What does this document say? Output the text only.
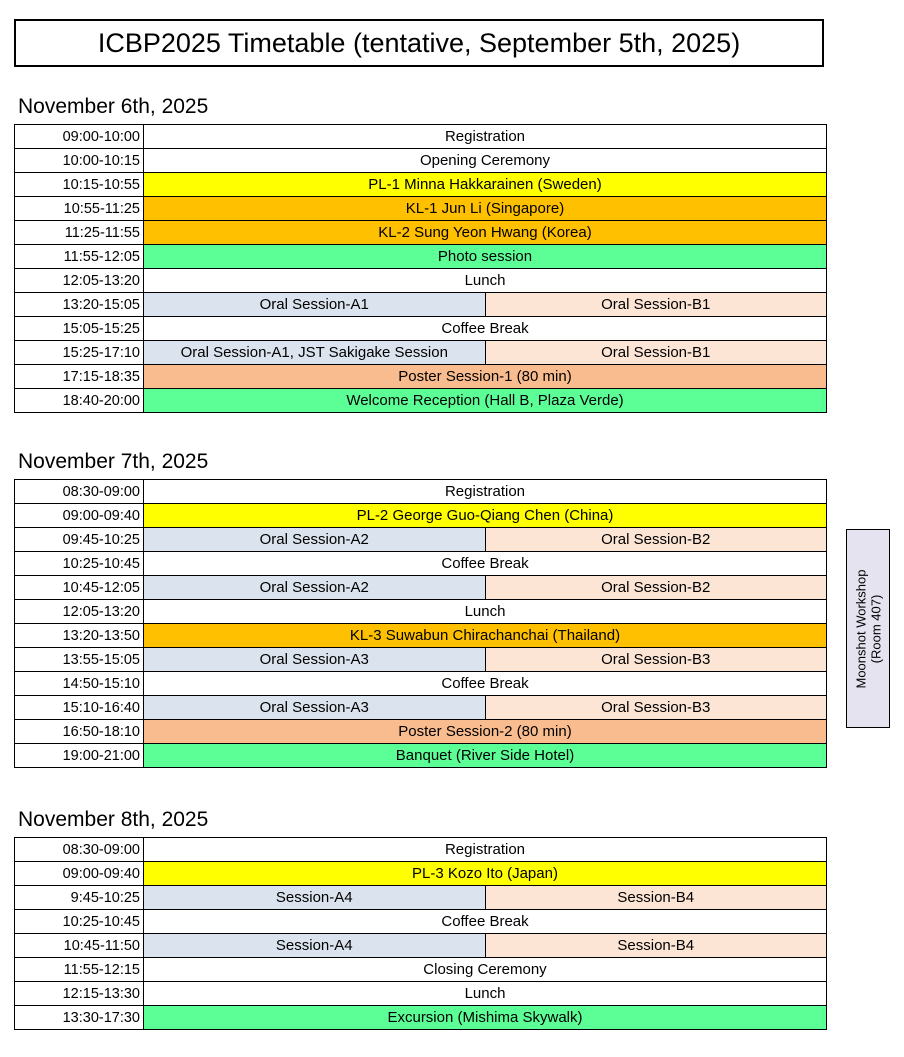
ICBP2025 Timetable (tentative, September 5th, 2025)
November 6th, 2025
09:00-10:00	Registration	
10:00-10:15	Opening Ceremony	
10:15-10:55	PL-1 Minna Hakkarainen (Sweden)	
10:55-11:25	KL-1 Jun Li (Singapore)	
11:25-11:55	KL-2 Sung Yeon Hwang (Korea)	
11:55-12:05	Photo session	
12:05-13:20	Lunch	
13:20-15:05	Oral Session-A1	Oral Session-B1
15:05-15:25	Coffee Break	
15:25-17:10	Oral Session-A1, JST Sakigake Session	Oral Session-B1
17:15-18:35	Poster Session-1 (80 min)	
18:40-20:00	Welcome Reception (Hall B, Plaza Verde)	
November 7th, 2025
08:30-09:00	Registration	
09:00-09:40	PL-2 George Guo-Qiang Chen (China)	
09:45-10:25	Oral Session-A2	Oral Session-B2
10:25-10:45	Coffee Break	
10:45-12:05	Oral Session-A2	Oral Session-B2
12:05-13:20	Lunch	
13:20-13:50	KL-3 Suwabun Chirachanchai (Thailand)	
13:55-15:05	Oral Session-A3	Oral Session-B3
14:50-15:10	Coffee Break	
15:10-16:40	Oral Session-A3	Oral Session-B3
16:50-18:10	Poster Session-2 (80 min)	
19:00-21:00	Banquet (River Side Hotel)	
November 8th, 2025
08:30-09:00	Registration	
09:00-09:40	PL-3 Kozo Ito (Japan)	
9:45-10:25	Session-A4	Session-B4
10:25-10:45	Coffee Break	
10:45-11:50	Session-A4	Session-B4
11:55-12:15	Closing Ceremony	
12:15-13:30	Lunch	
13:30-17:30	Excursion (Mishima Skywalk)	
Moonshot Workshop (Room 407)
